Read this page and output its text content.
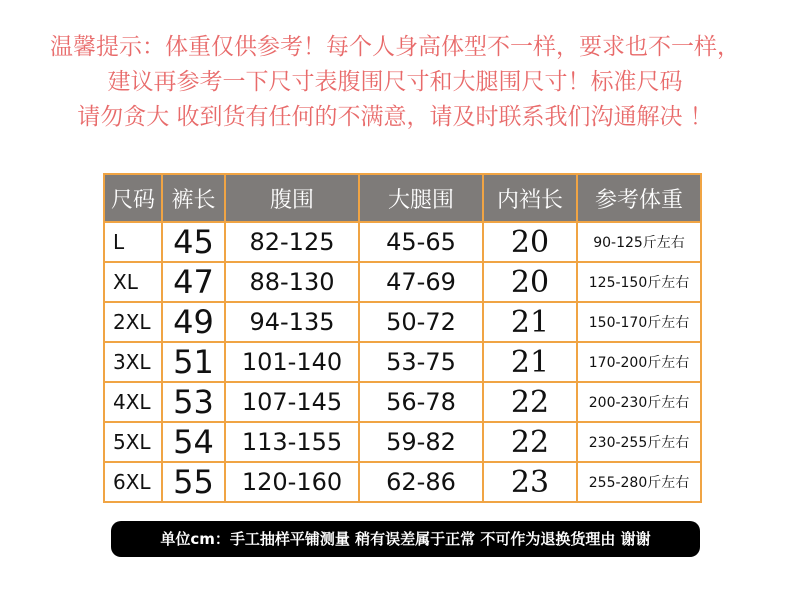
温馨提示：体重仅供参考！每个人身高体型不一样，要求也不一样，
建议再参考一下尺寸表腹围尺寸和大腿围尺寸！标准尺码
请勿贪大 收到货有任何的不满意，请及时联系我们沟通解决 ！
尺码	裤长	腹围	大腿围	内裆长	参考体重
L	45	82-125	45-65	20	90-125斤左右
XL	47	88-130	47-69	20	125-150斤左右
2XL	49	94-135	50-72	21	150-170斤左右
3XL	51	101-140	53-75	21	170-200斤左右
4XL	53	107-145	56-78	22	200-230斤左右
5XL	54	113-155	59-82	22	230-255斤左右
6XL	55	120-160	62-86	23	255-280斤左右
单位cm：手工抽样平铺测量 稍有误差属于正常 不可作为退换货理由 谢谢
